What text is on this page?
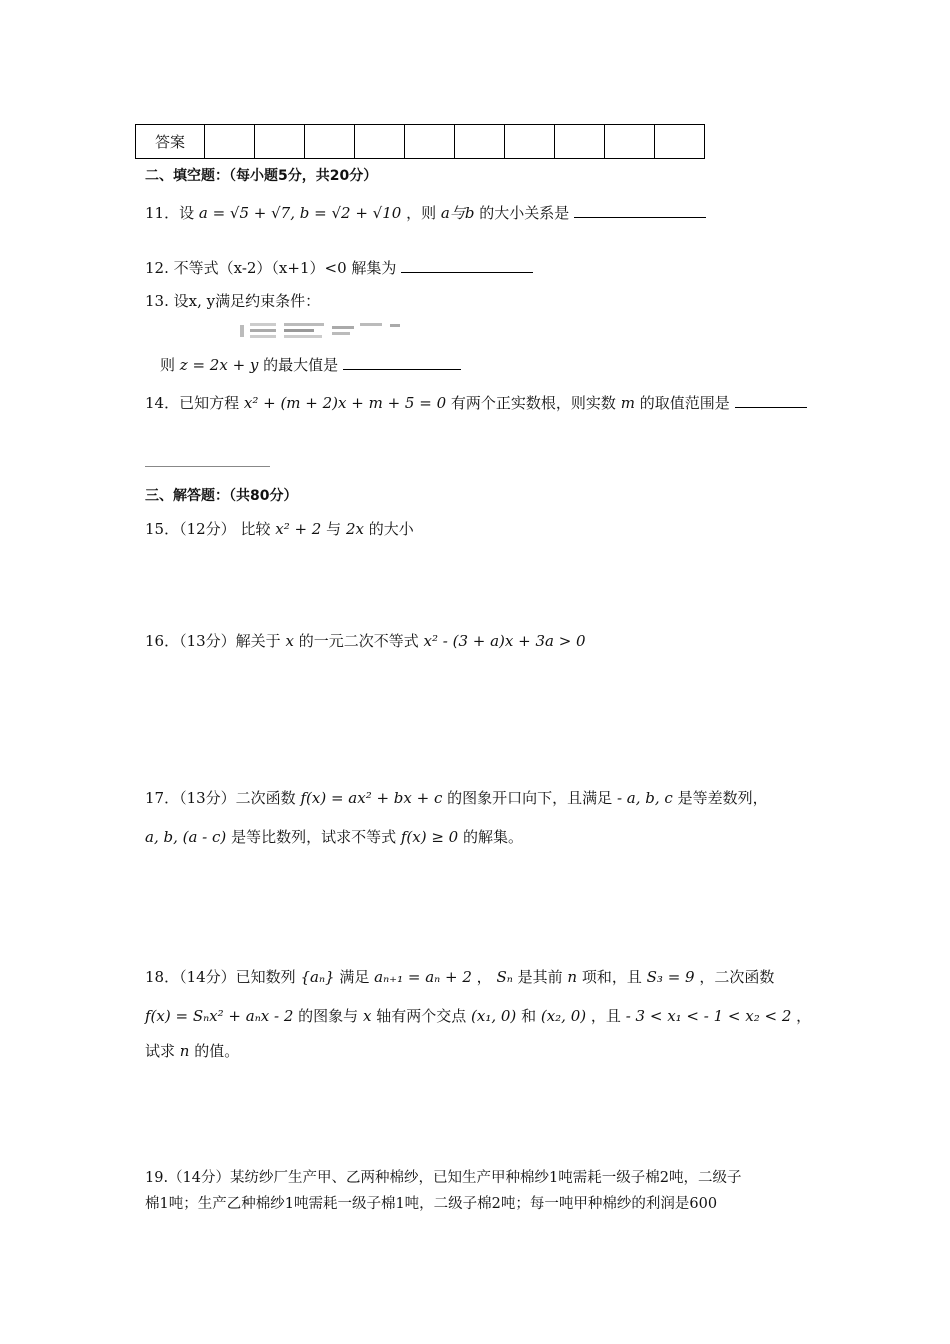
答案										
二、填空题：（每小题5分，共20分）
11．设 a = √5 + √7, b = √2 + √10 ，则 a与b 的大小关系是
12. 不等式（x-2）（x+1）<0 解集为
13. 设x, y满足约束条件：
则 z = 2x + y 的最大值是
14．已知方程 x² + (m + 2)x + m + 5 = 0 有两个正实数根，则实数 m 的取值范围是
三、解答题：（共80分）
15．（12分） 比较 x² + 2 与 2x 的大小
16．（13分）解关于 x 的一元二次不等式 x² - (3 + a)x + 3a > 0
17．（13分）二次函数 f(x) = ax² + bx + c 的图象开口向下，且满足 - a, b, c 是等差数列，
a, b, (a - c) 是等比数列，试求不等式 f(x) ≥ 0 的解集。
18．（14分）已知数列 {aₙ} 满足 aₙ₊₁ = aₙ + 2 ， Sₙ 是其前 n 项和，且 S₃ = 9 ，二次函数
f(x) = Sₙx² + aₙx - 2 的图象与 x 轴有两个交点 (x₁, 0) 和 (x₂, 0) ，且 - 3 < x₁ < - 1 < x₂ < 2 ，
试求 n 的值。
19.（14分）某纺纱厂生产甲、乙两种棉纱，已知生产甲种棉纱1吨需耗一级子棉2吨，二级子
棉1吨；生产乙种棉纱1吨需耗一级子棉1吨，二级子棉2吨；每一吨甲种棉纱的利润是600
